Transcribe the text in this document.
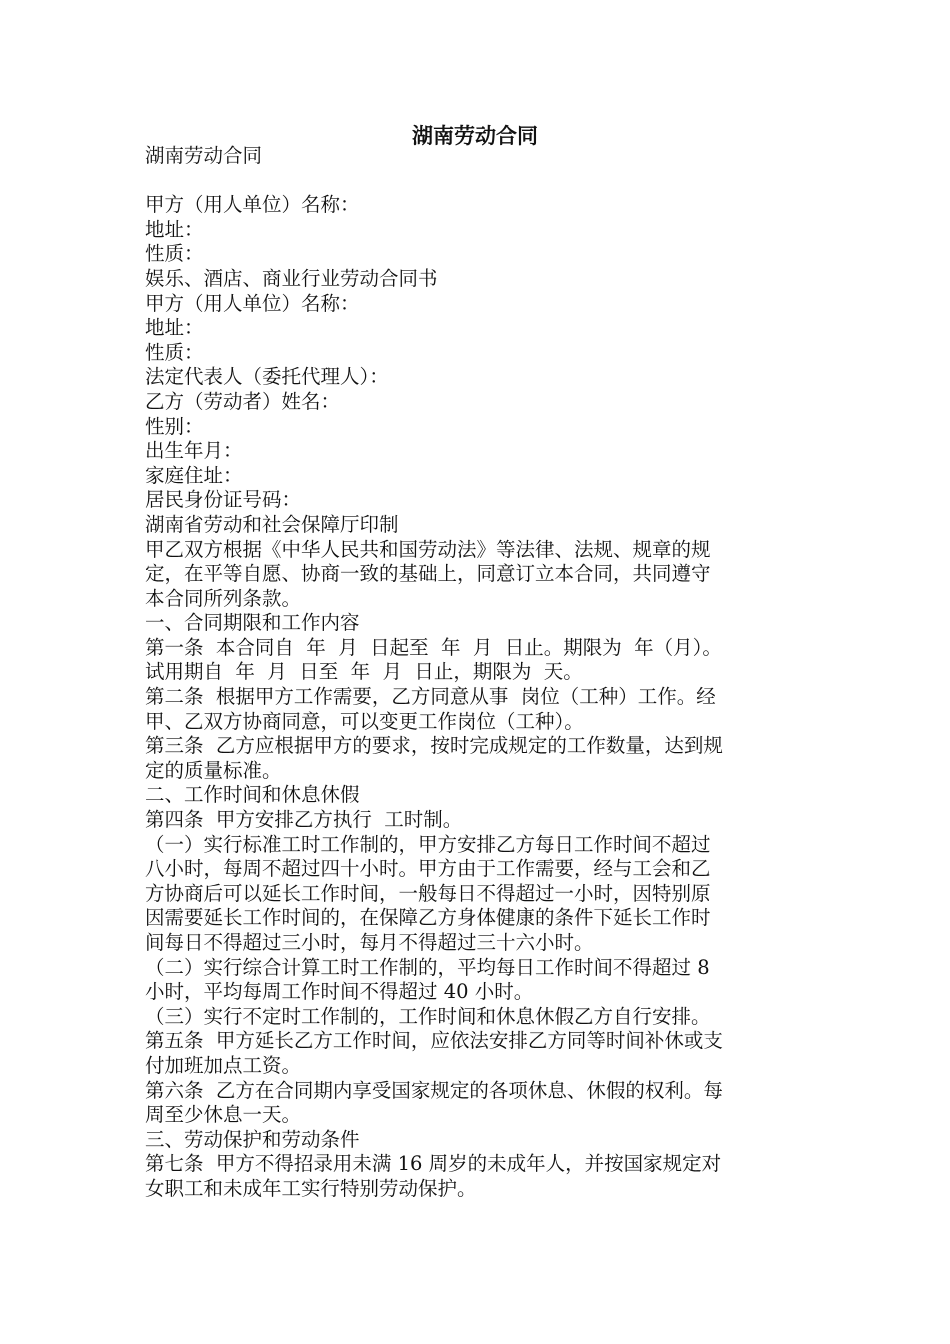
湖南劳动合同
湖南劳动合同
甲方（用人单位）名称：
地址：
性质：
娱乐、酒店、商业行业劳动合同书
甲方（用人单位）名称：
地址：
性质：
法定代表人（委托代理人）：
乙方（劳动者）姓名：
性别：
出生年月：
家庭住址：
居民身份证号码：
湖南省劳动和社会保障厅印制
甲乙双方根据《中华人民共和国劳动法》等法律、法规、规章的规
定，在平等自愿、协商一致的基础上，同意订立本合同，共同遵守
本合同所列条款。
一、合同期限和工作内容
第一条  本合同自  年  月  日起至  年  月  日止。期限为  年（月）。
试用期自  年  月  日至  年  月  日止，期限为  天。
第二条  根据甲方工作需要，乙方同意从事  岗位（工种）工作。经
甲、乙双方协商同意，可以变更工作岗位（工种）。
第三条  乙方应根据甲方的要求，按时完成规定的工作数量，达到规
定的质量标准。
二、工作时间和休息休假
第四条  甲方安排乙方执行  工时制。
（一）实行标准工时工作制的，甲方安排乙方每日工作时间不超过
八小时，每周不超过四十小时。甲方由于工作需要，经与工会和乙
方协商后可以延长工作时间，一般每日不得超过一小时，因特别原
因需要延长工作时间的，在保障乙方身体健康的条件下延长工作时
间每日不得超过三小时，每月不得超过三十六小时。
（二）实行综合计算工时工作制的，平均每日工作时间不得超过 8
小时，平均每周工作时间不得超过 40 小时。
（三）实行不定时工作制的，工作时间和休息休假乙方自行安排。
第五条  甲方延长乙方工作时间，应依法安排乙方同等时间补休或支
付加班加点工资。
第六条  乙方在合同期内享受国家规定的各项休息、休假的权利。每
周至少休息一天。
三、劳动保护和劳动条件
第七条  甲方不得招录用未满 16 周岁的未成年人，并按国家规定对
女职工和未成年工实行特别劳动保护。
